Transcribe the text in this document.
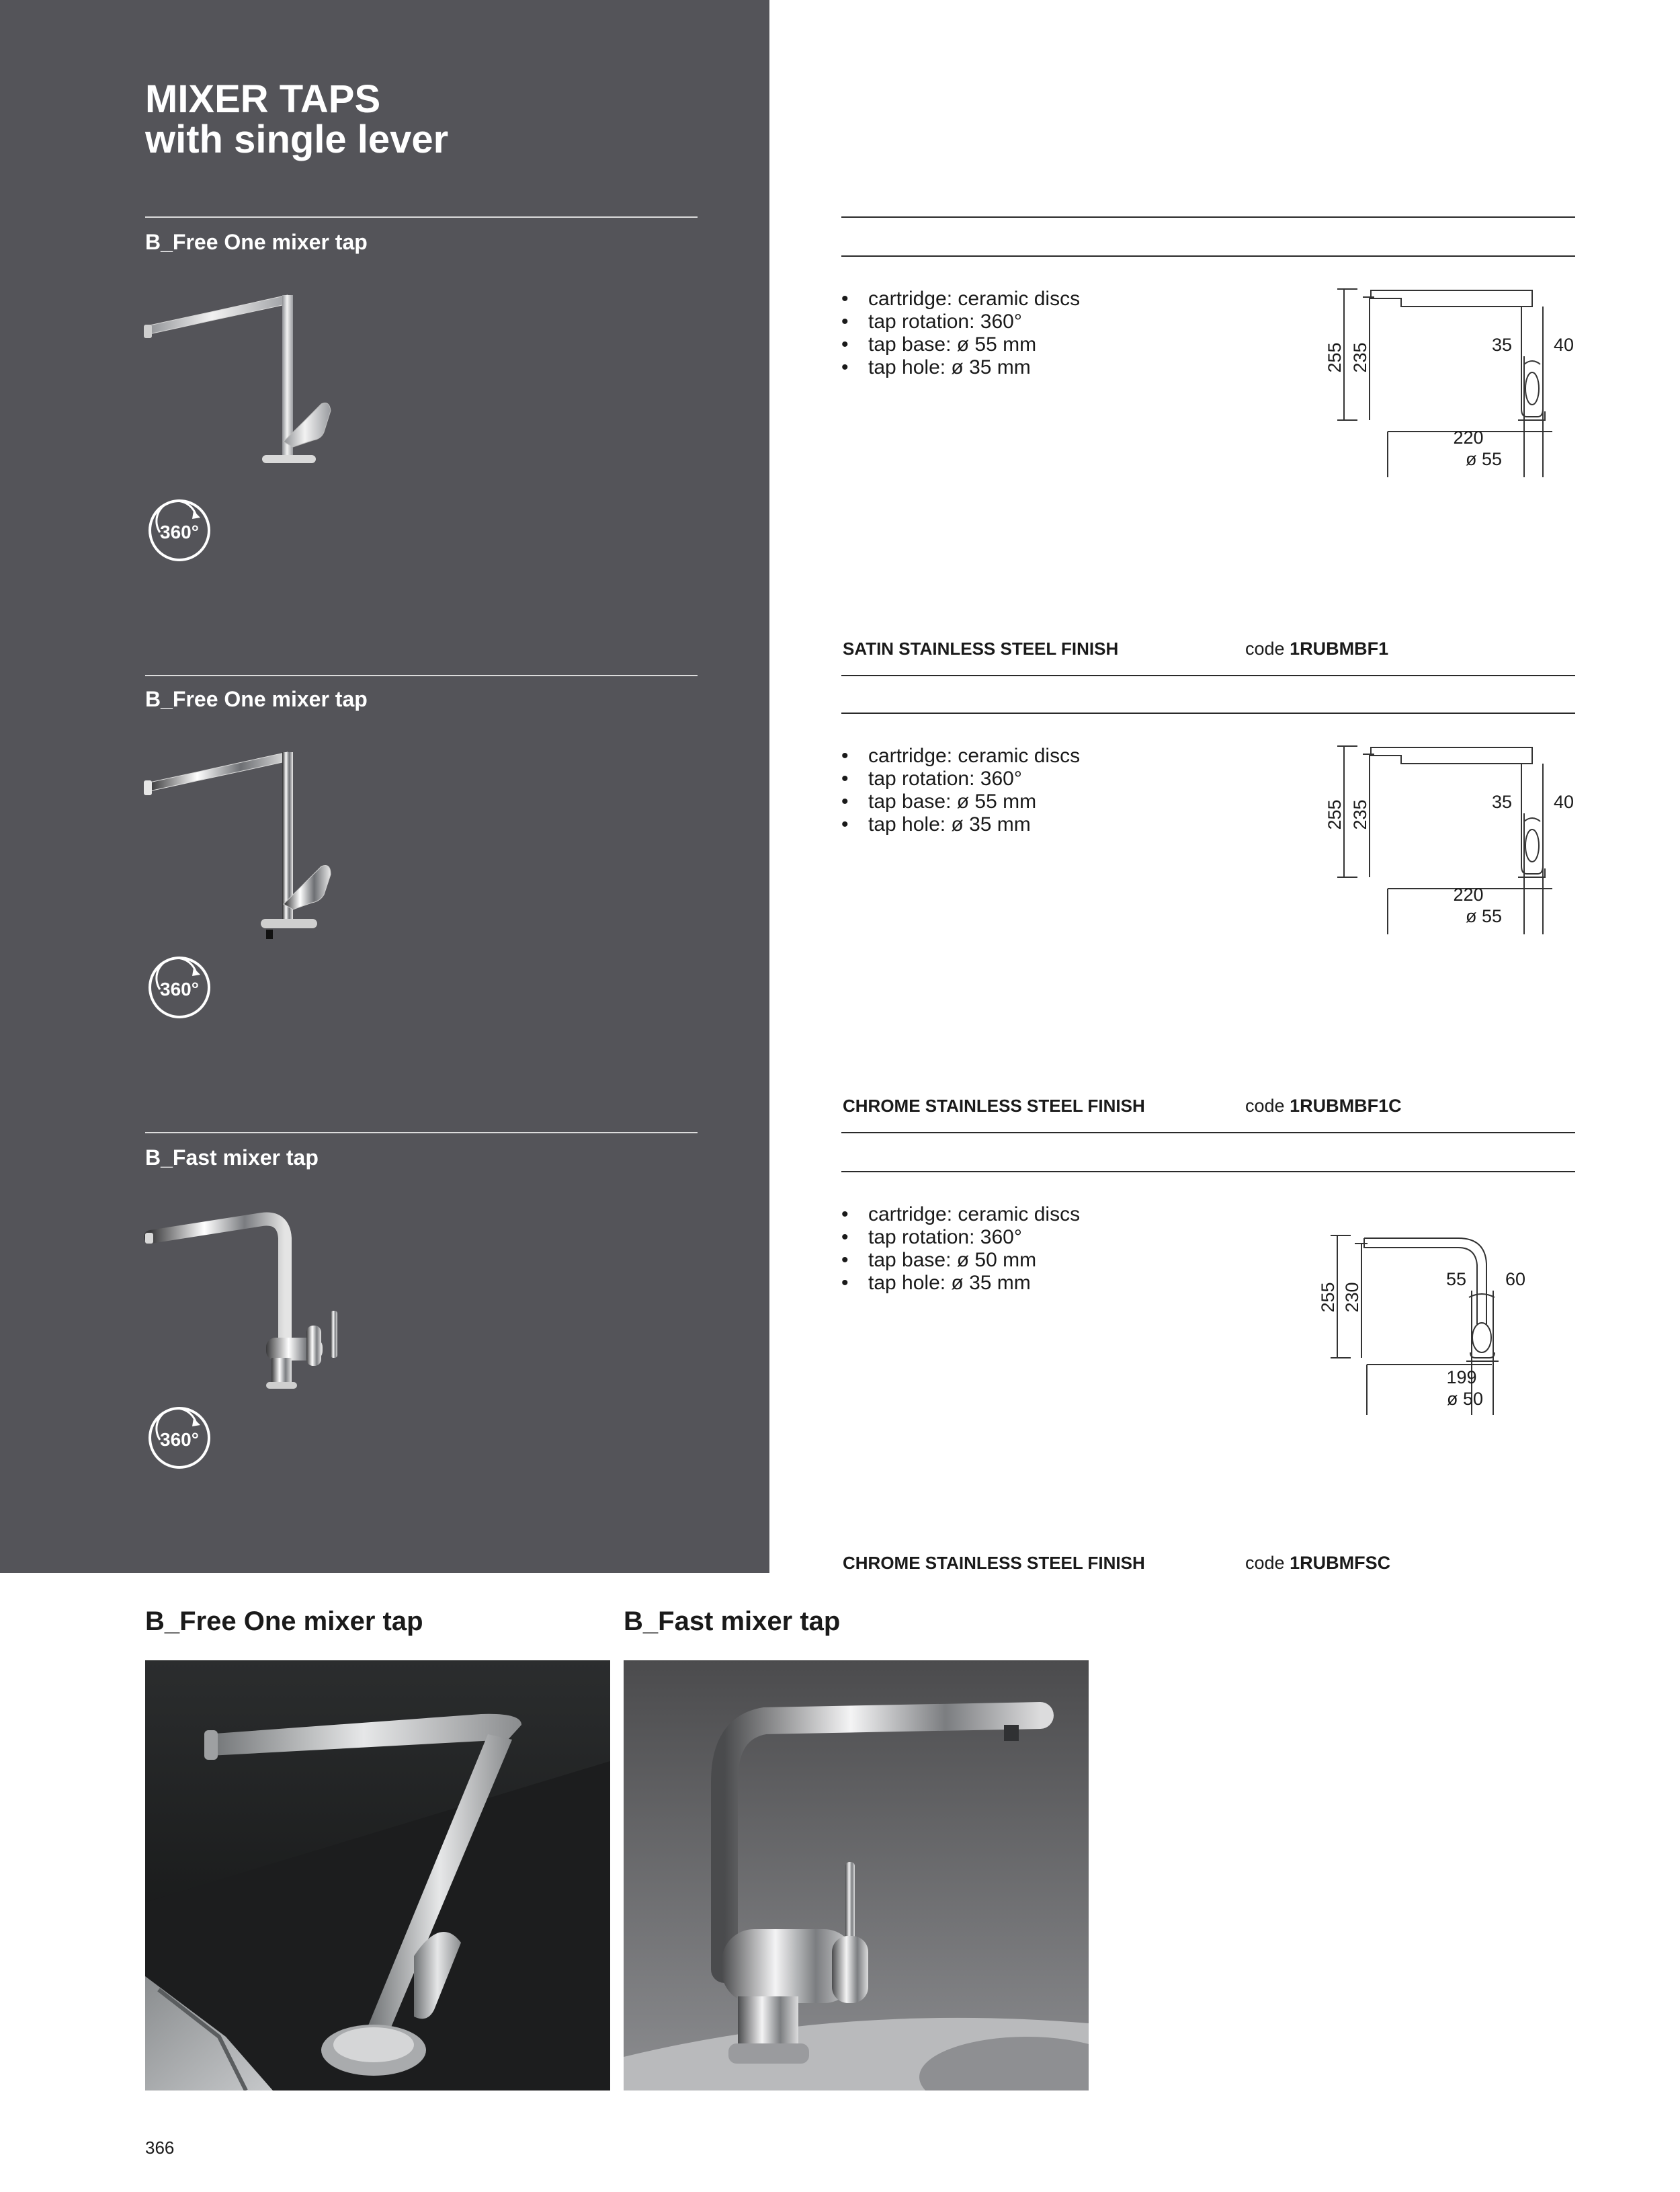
MIXER TAPS
with single lever
B_Free One mixer tap
360°
• cartridge: ceramic discs
• tap rotation: 360°
• tap base: ø 55 mm
• tap hole: ø 35 mm	255 235	35 40
220
ø 55
SATIN STAINLESS STEEL FINISH	code 1RUBMBF1
B_Free One mixer tap
360°
• cartridge: ceramic discs
• tap rotation: 360°
• tap base: ø 55 mm
• tap hole: ø 35 mm	255 235	35 40
220
ø 55
CHROME STAINLESS STEEL FINISH	code 1RUBMBF1C
B_Fast mixer tap
360°
• cartridge: ceramic discs
• tap rotation: 360°
• tap base: ø 50 mm
• tap hole: ø 35 mm	255 230
55 60
199
ø 50
CHROME STAINLESS STEEL FINISH	code 1RUBMFSC
B_Free One mixer tap	B_Fast mixer tap
366
